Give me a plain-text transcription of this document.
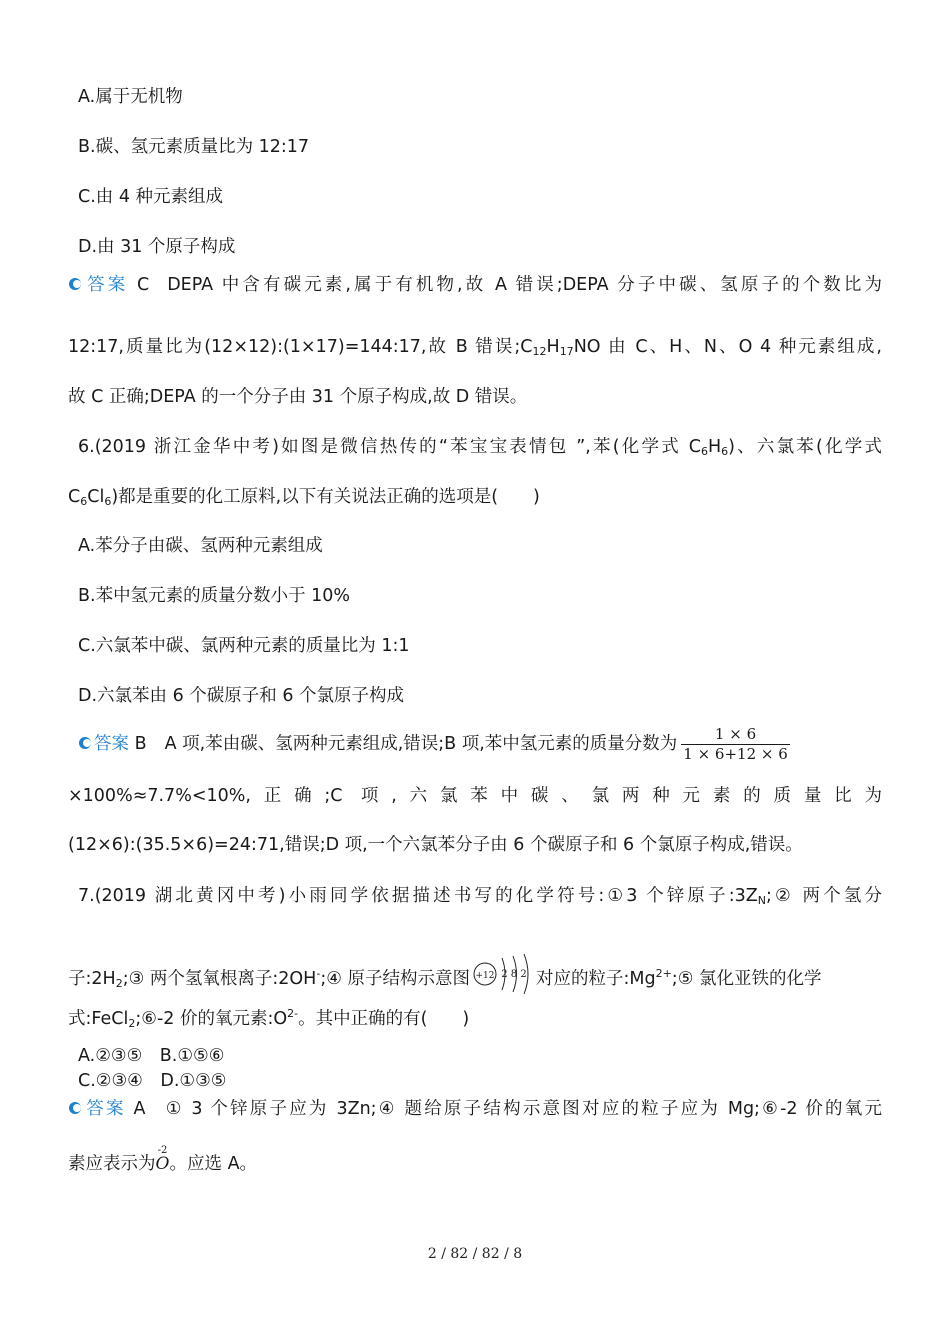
A.属于无机物
B.碳、氢元素质量比为 12:17
C.由 4 种元素组成
D.由 31 个原子构成
答案 C DEPA 中含有碳元素,属于有机物,故 A 错误;DEPA 分子中碳、氢原子的个数比为
12:17,质量比为(12×12):(1×17)=144:17,故 B 错误$;C_{12}H_{17}NO$ 由 C、H、N、O 4 种元素组成,
故 C 正确;DEPA 的一个分子由 31 个原子构成,故 D 错误。
6.(2019 浙江金华中考)如图是微信热传的“苯宝宝表情包 ”,苯(化学式 $C_6H_6$)、六氯苯(化学式
$C_6Cl_6$)都是重要的化工原料,以下有关说法正确的选项是(　　)
A.苯分子由碳、氢两种元素组成
B.苯中氢元素的质量分数小于 10%
C.六氯苯中碳、氯两种元素的质量比为 1:1
D.六氯苯由 6 个碳原子和 6 个氯原子构成
答案 B A 项,苯由碳、氢两种元素组成,错误;B 项,苯中氢元素的质量分数为 $\frac{1 \times 6}{1 \times 6+12 \times 6}$
×100%≈7.7%<10%,正确;C 项,六氯苯中碳、氯两种元素的质量比为
(12×6):(35.5×6)=24:71,错误;D 项,一个六氯苯分子由 6 个碳原子和 6 个氯原子构成,错误。
7.(2019 湖北黄冈中考)小雨同学依据描述书写的化学符号:①3 个锌原子$:3Z_N;②$ 两个氢分
子$:2H_2;③$ 两个氢氧根离子:2OH-;④ 原子结构示意图 +12 2 8 2 对应的粒子$:Mg^{2+};⑤$ 氯化亚铁的化学
式:FeCl$_2$;⑥-2 价的氧元素$:O^{2-}$。其中正确的有(　　)
A.②③⑤　B.①⑤⑥
C.②③④　D.①③⑤
答案 A ① 3 个锌原子应为 3Zn;④ 题给原子结构示意图对应的粒子应为 Mg;⑥-2 价的氧元
素应表示为
-2
O。应选 A。
2 / 82 / 82 / 8
